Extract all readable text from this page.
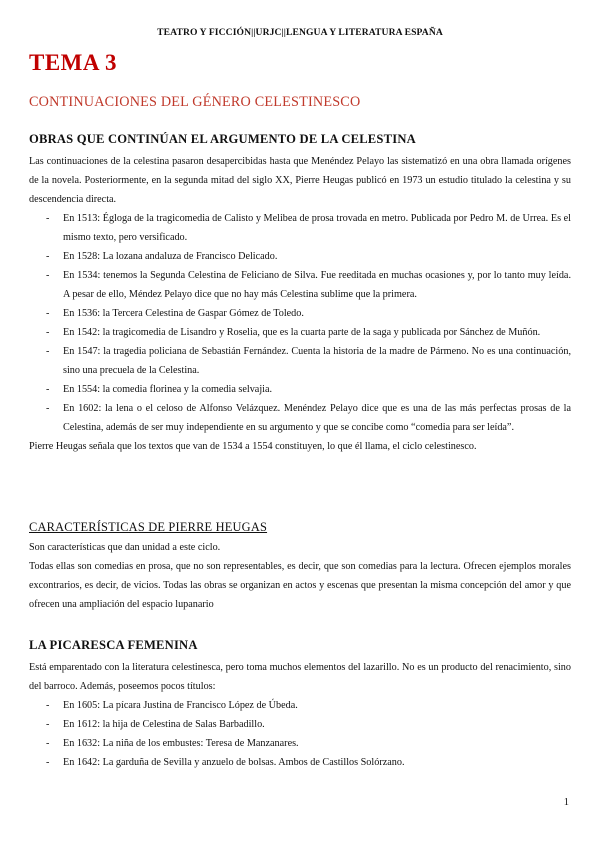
TEATRO Y FICCIÓN||URJC||LENGUA Y LITERATURA ESPAÑA
TEMA 3
CONTINUACIONES DEL GÉNERO CELESTINESCO
OBRAS QUE CONTINÚAN EL ARGUMENTO DE LA CELESTINA

Las continuaciones de la celestina pasaron desapercibidas hasta que Menéndez Pelayo las sistematizó en una obra llamada orígenes de la novela. Posteriormente, en la segunda mitad del siglo XX, Pierre Heugas publicó en 1973 un estudio titulado la celestina y su descendencia directa.

- En 1513: Égloga de la tragicomedia de Calisto y Melibea de prosa trovada en metro. Publicada por Pedro M. de Urrea. Es el mismo texto, pero versificado.
- En 1528: La lozana andaluza de Francisco Delicado.
- En 1534: tenemos la Segunda Celestina de Feliciano de Silva. Fue reeditada en muchas ocasiones y, por lo tanto muy leída. A pesar de ello, Méndez Pelayo dice que no hay más Celestina sublime que la primera.
- En 1536: la Tercera Celestina de Gaspar Gómez de Toledo.
- En 1542: la tragicomedia de Lisandro y Roselia, que es la cuarta parte de la saga y publicada por Sánchez de Muñón.
- En 1547: la tragedia policiana de Sebastián Fernández. Cuenta la historia de la madre de Pármeno. No es una continuación, sino una precuela de la Celestina.
- En 1554: la comedia florinea y la comedia selvajia.
- En 1602: la lena o el celoso de Alfonso Velázquez. Menéndez Pelayo dice que es una de las más perfectas prosas de la Celestina, además de ser muy independiente en su argumento y que se concibe como “comedia para ser leída”.

Pierre Heugas señala que los textos que van de 1534 a 1554 constituyen, lo que él llama, el ciclo celestinesco.

CARACTERÍSTICAS DE PIERRE HEUGAS

Son características que dan unidad a este ciclo.

Todas ellas son comedias en prosa, que no son representables, es decir, que son comedias para la lectura. Ofrecen ejemplos morales excontrarios, es decir, de vicios. Todas las obras se organizan en actos y escenas que presentan la misma concepción del amor y que ofrecen una ampliación del espacio lupanario

LA PICARESCA FEMENINA

Está emparentado con la literatura celestinesca, pero toma muchos elementos del lazarillo. No es un producto del renacimiento, sino del barroco. Además, poseemos pocos títulos:

- En 1605: La pícara Justina de Francisco López de Úbeda.
- En 1612: la hija de Celestina de Salas Barbadillo.
- En 1632: La niña de los embustes: Teresa de Manzanares.
- En 1642: La garduña de Sevilla y anzuelo de bolsas. Ambos de Castillos Solórzano.
1
